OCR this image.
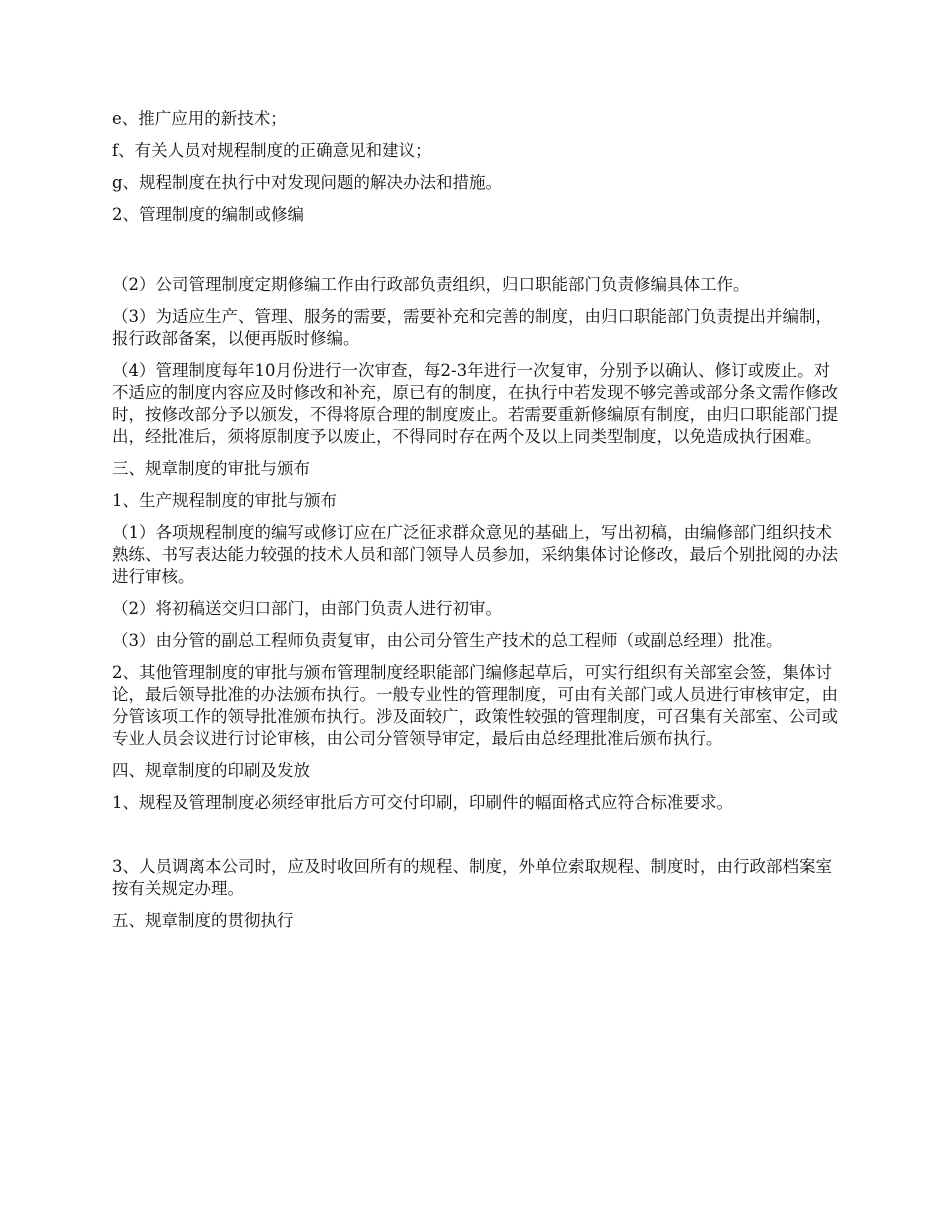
e、推广应用的新技术；

f、有关人员对规程制度的正确意见和建议；

g、规程制度在执行中对发现问题的解决办法和措施。

2、管理制度的编制或修编

（2）公司管理制度定期修编工作由行政部负责组织，归口职能部门负责修编具体工作。

（3）为适应生产、管理、服务的需要，需要补充和完善的制度，由归口职能部门负责提出并编制，报行政部备案，以便再版时修编。

（4）管理制度每年10月份进行一次审查，每2-3年进行一次复审，分别予以确认、修订或废止。对不适应的制度内容应及时修改和补充，原已有的制度，在执行中若发现不够完善或部分条文需作修改时，按修改部分予以颁发，不得将原合理的制度废止。若需要重新修编原有制度，由归口职能部门提出，经批准后，须将原制度予以废止，不得同时存在两个及以上同类型制度，以免造成执行困难。

三、规章制度的审批与颁布

1、生产规程制度的审批与颁布

（1）各项规程制度的编写或修订应在广泛征求群众意见的基础上，写出初稿，由编修部门组织技术熟练、书写表达能力较强的技术人员和部门领导人员参加，采纳集体讨论修改，最后个别批阅的办法进行审核。

（2）将初稿送交归口部门，由部门负责人进行初审。

（3）由分管的副总工程师负责复审，由公司分管生产技术的总工程师（或副总经理）批准。

2、其他管理制度的审批与颁布管理制度经职能部门编修起草后，可实行组织有关部室会签，集体讨论，最后领导批准的办法颁布执行。一般专业性的管理制度，可由有关部门或人员进行审核审定，由分管该项工作的领导批准颁布执行。涉及面较广，政策性较强的管理制度，可召集有关部室、公司或专业人员会议进行讨论审核，由公司分管领导审定，最后由总经理批准后颁布执行。

四、规章制度的印刷及发放

1、规程及管理制度必须经审批后方可交付印刷，印刷件的幅面格式应符合标准要求。

3、人员调离本公司时，应及时收回所有的规程、制度，外单位索取规程、制度时，由行政部档案室按有关规定办理。

五、规章制度的贯彻执行
